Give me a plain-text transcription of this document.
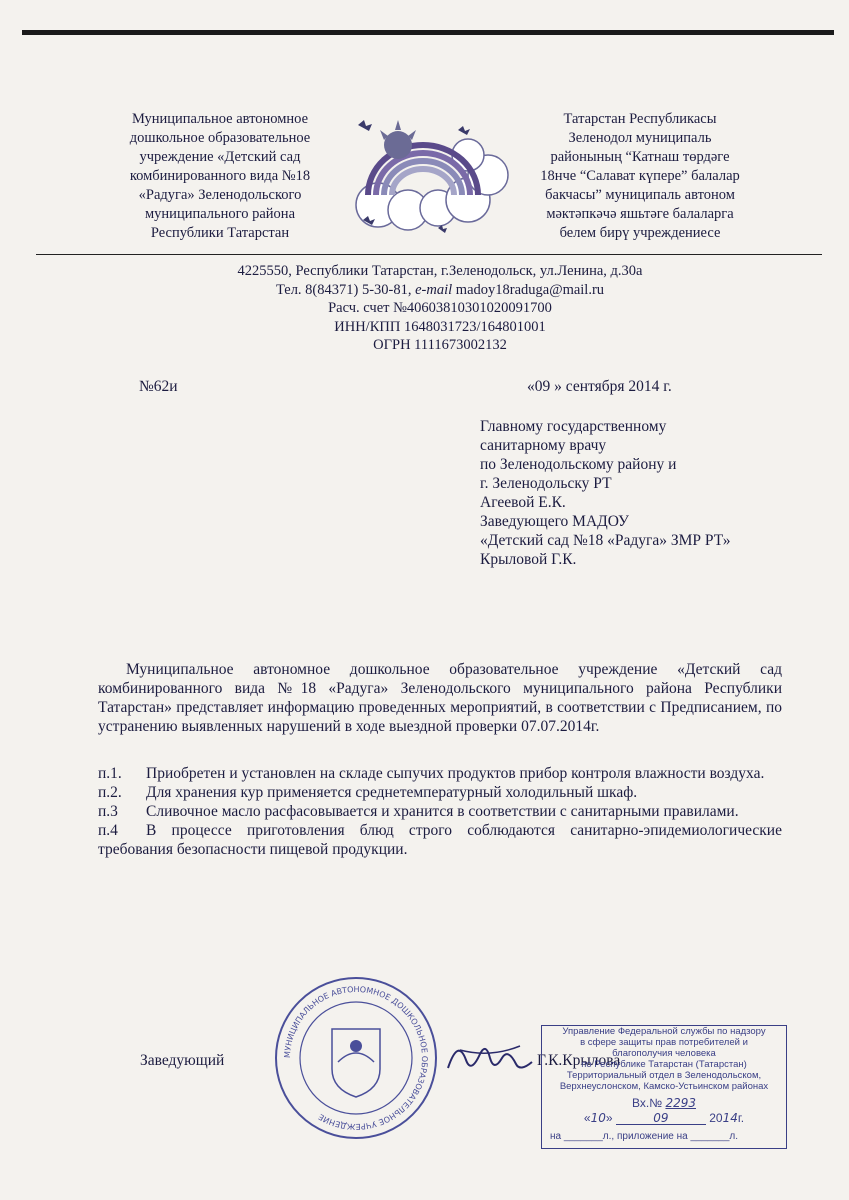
Муниципальное автономное
дошкольное образовательное
учреждение «Детский сад
комбинированного вида №18
«Радуга» Зеленодольского
муниципального района
Республики Татарстан
Татарстан Республикасы
Зеленодол муниципаль
районының “Катнаш төрдәге
18нче “Салават күпере” балалар
бакчасы” муниципаль автоном
мәктәпкәчә яшьтәге балаларга
белем бирү учреждениесе
4225550, Республики Татарстан, г.Зеленодольск, ул.Ленина, д.30а
Тел. 8(84371) 5-30-81, e-mail madoy18raduga@mail.ru
Расч. счет №40603810301020091700
ИНН/КПП 1648031723/164801001
ОГРН 1111673002132
№62и	«09 » сентября 2014 г.
Главному государственному
санитарному врачу
по Зеленодольскому району и
г. Зеленодольску РТ
Агеевой Е.К.
Заведующего МАДОУ
«Детский сад №18 «Радуга» ЗМР РТ»
Крыловой Г.К.

Муниципальное автономное дошкольное образовательное учреждение «Детский сад комбинированного вида №18 «Радуга» Зеленодольского муниципального района Республики Татарстан» представляет информацию проведенных мероприятий, в соответствии с Предписанием, по устранению выявленных нарушений в ходе выездной проверки 07.07.2014г.

п.1. Приобретен и установлен на складе сыпучих продуктов прибор контроля влажности воздуха.

п.2. Для хранения кур применяется среднетемпературный холодильный шкаф.

п.3 Сливочное масло расфасовывается и хранится в соответствии с санитарными правилами.

п.4 В процессе приготовления блюд строго соблюдаются санитарно-эпидемиологические требования безопасности пищевой продукции.

МУНИЦИПАЛЬНОЕ АВТОНОМНОЕ ДОШКОЛЬНОЕ ОБРАЗОВАТЕЛЬНОЕ УЧРЕЖДЕНИЕ
Заведующий	Г.К.Крылова
Управление Федеральной службы по надзору
в сфере защиты прав потребителей и
благополучия человека
по Республике Татарстан (Татарстан)
Территориальный отдел в Зеленодольском,
Верхнеуслонском, Камско-Устьинском районах
Вх.№ 2293
«10»	09	2014г.
на _______л., приложение на _______л.
